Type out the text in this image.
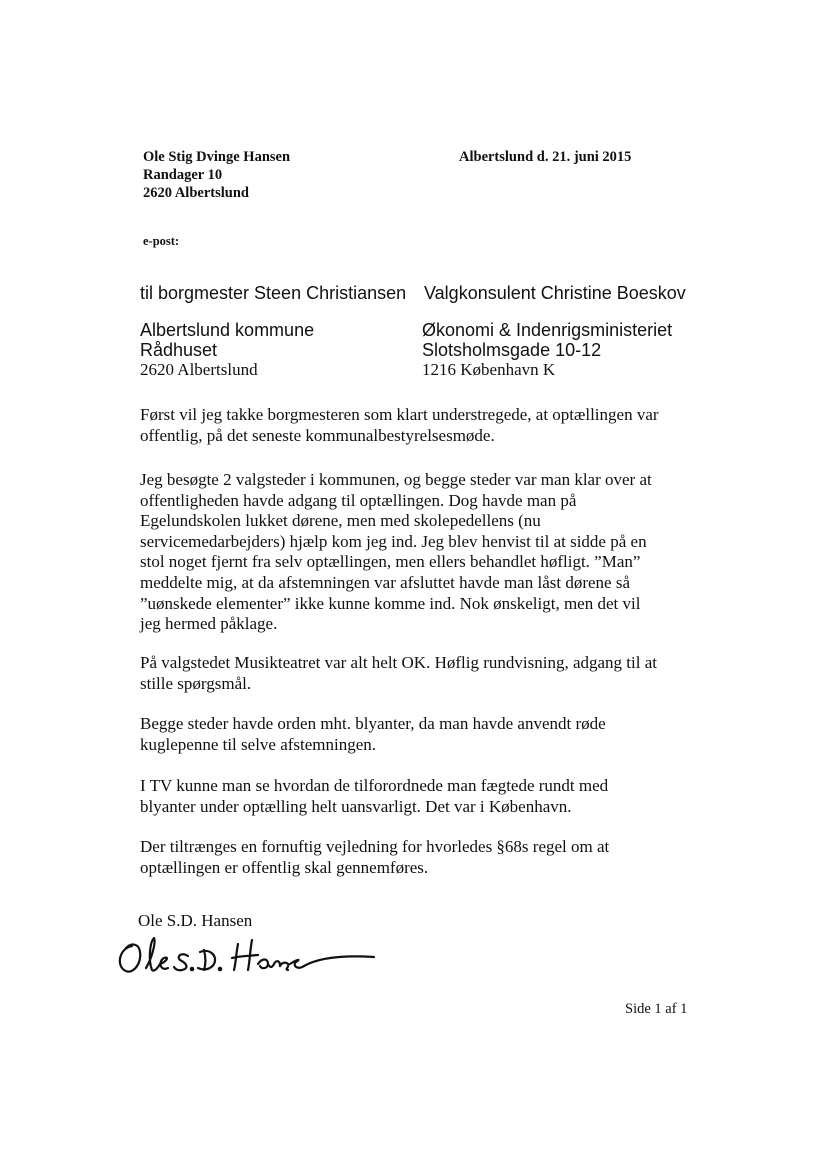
Ole Stig Dvinge Hansen
Randager 10
2620 Albertslund
Albertslund d. 21. juni 2015
e-post:
til borgmester Steen Christiansen Valgkonsulent Christine Boeskov
Albertslund kommune
Rådhuset
2620 Albertslund
Økonomi & Indenrigsministeriet
Slotsholmsgade 10-12
1216 København K
Først vil jeg takke borgmesteren som klart understregede, at optællingen var
offentlig, på det seneste kommunalbestyrelsesmøde.
Jeg besøgte 2 valgsteder i kommunen, og begge steder var man klar over at
offentligheden havde adgang til optællingen. Dog havde man på
Egelundskolen lukket dørene, men med skolepedellens (nu
servicemedarbejders) hjælp kom jeg ind. Jeg blev henvist til at sidde på en
stol noget fjernt fra selv optællingen, men ellers behandlet høfligt. ”Man”
meddelte mig, at da afstemningen var afsluttet havde man låst dørene så
”uønskede elementer” ikke kunne komme ind. Nok ønskeligt, men det vil
jeg hermed påklage.
På valgstedet Musikteatret var alt helt OK. Høflig rundvisning, adgang til at
stille spørgsmål.
Begge steder havde orden mht. blyanter, da man havde anvendt røde
kuglepenne til selve afstemningen.
I TV kunne man se hvordan de tilforordnede man fægtede rundt med
blyanter under optælling helt uansvarligt. Det var i København.
Der tiltrænges en fornuftig vejledning for hvorledes §68s regel om at
optællingen er offentlig skal gennemføres.
Ole S.D. Hansen
Ole S.D. Hansen
Side 1 af 1
